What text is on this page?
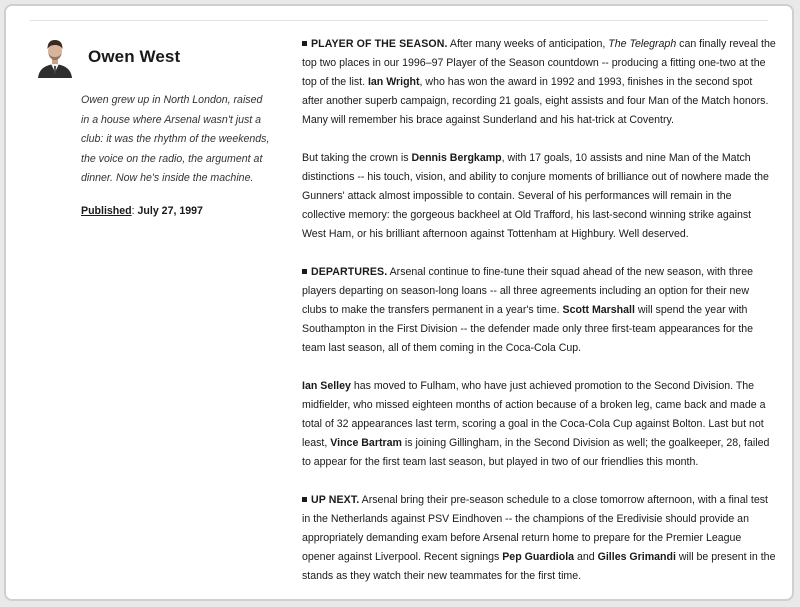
Owen West
Owen grew up in North London, raised in a house where Arsenal wasn't just a club: it was the rhythm of the weekends, the voice on the radio, the argument at dinner. Now he's inside the machine.
Published: July 27, 1997

PLAYER OF THE SEASON. After many weeks of anticipation, The Telegraph can finally reveal the top two places in our 1996–97 Player of the Season countdown -- producing a fitting one-two at the top of the list. Ian Wright, who has won the award in 1992 and 1993, finishes in the second spot after another superb campaign, recording 21 goals, eight assists and four Man of the Match honors. Many will remember his brace against Sunderland and his hat-trick at Coventry.

But taking the crown is Dennis Bergkamp, with 17 goals, 10 assists and nine Man of the Match distinctions -- his touch, vision, and ability to conjure moments of brilliance out of nowhere made the Gunners' attack almost impossible to contain. Several of his performances will remain in the collective memory: the gorgeous backheel at Old Trafford, his last-second winning strike against West Ham, or his brilliant afternoon against Tottenham at Highbury. Well deserved.

DEPARTURES. Arsenal continue to fine-tune their squad ahead of the new season, with three players departing on season-long loans -- all three agreements including an option for their new clubs to make the transfers permanent in a year's time. Scott Marshall will spend the year with Southampton in the First Division -- the defender made only three first-team appearances for the team last season, all of them coming in the Coca-Cola Cup.

Ian Selley has moved to Fulham, who have just achieved promotion to the Second Division. The midfielder, who missed eighteen months of action because of a broken leg, came back and made a total of 32 appearances last term, scoring a goal in the Coca-Cola Cup against Bolton. Last but not least, Vince Bartram is joining Gillingham, in the Second Division as well; the goalkeeper, 28, failed to appear for the first team last season, but played in two of our friendlies this month.

UP NEXT. Arsenal bring their pre-season schedule to a close tomorrow afternoon, with a final test in the Netherlands against PSV Eindhoven -- the champions of the Eredivisie should provide an appropriately demanding exam before Arsenal return home to prepare for the Premier League opener against Liverpool. Recent signings Pep Guardiola and Gilles Grimandi will be present in the stands as they watch their new teammates for the first time.
